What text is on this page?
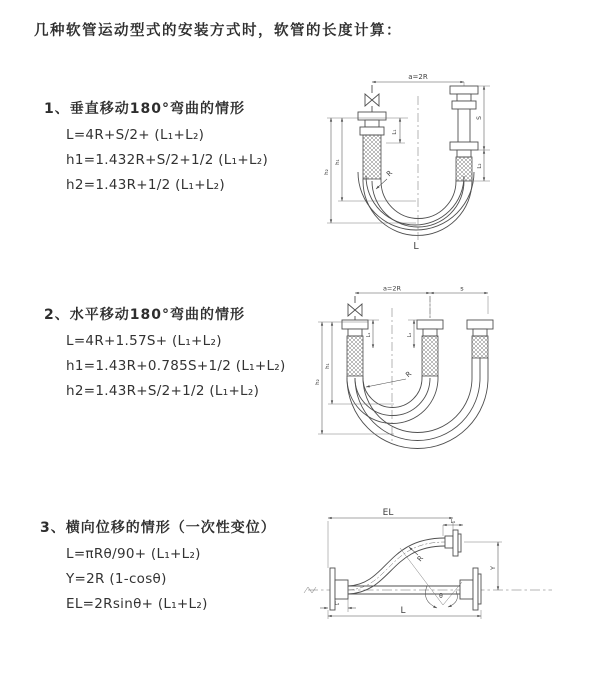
几种软管运动型式的安装方式时，软管的长度计算：
1、垂直移动180°弯曲的情形
L=4R+S/2+ (L₁+L₂)
h1=1.432R+S/2+1/2 (L₁+L₂)
h2=1.43R+1/2 (L₁+L₂)
2、水平移动180°弯曲的情形
L=4R+1.57S+ (L₁+L₂)
h1=1.43R+0.785S+1/2 (L₁+L₂)
h2=1.43R+S/2+1/2 (L₁+L₂)
3、横向位移的情形（一次性变位）
L=πRθ/90+ (L₁+L₂)
Y=2R (1-cosθ)
EL=2Rsinθ+ (L₁+L₂)
a=2R
L₁
S
L₂
h₂
h₁
R
L
a=2R	s
L₁	L₂
h₂
h₁
R
EL
L₁
Y
R
θ
L₂
L
